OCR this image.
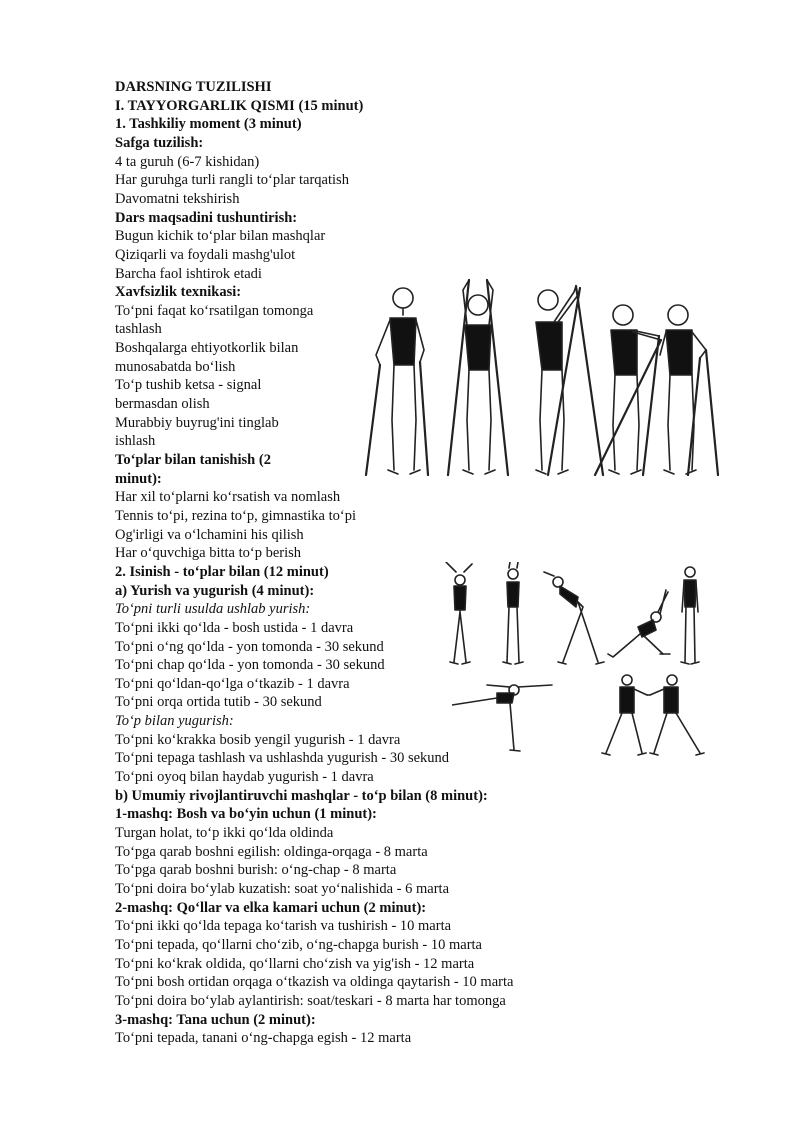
DARSNING TUZILISHI
I. TAYYORGARLIK QISMI (15 minut)
1. Tashkiliy moment (3 minut)
Safga tuzilish:
4 ta guruh (6-7 kishidan)
Har guruhga turli rangli to‘plar tarqatish
Davomatni tekshirish
Dars maqsadini tushuntirish:
Bugun kichik to‘plar bilan mashqlar
Qiziqarli va foydali mashg'ulot
Barcha faol ishtirok etadi
Xavfsizlik texnikasi:
To‘pni faqat ko‘rsatilgan tomonga
tashlash
Boshqalarga ehtiyotkorlik bilan
munosabatda bo‘lish
To‘p tushib ketsa - signal
bermasdan olish
Murabbiy buyrug'ini tinglab
ishlash
To‘plar bilan tanishish (2
minut):
Har xil to‘plarni ko‘rsatish va nomlash
Tennis to‘pi, rezina to‘p, gimnastika to‘pi
Og'irligi va o‘lchamini his qilish
Har o‘quvchiga bitta to‘p berish
2. Isinish - to‘plar bilan (12 minut)
a) Yurish va yugurish (4 minut):
To‘pni turli usulda ushlab yurish:
To‘pni ikki qo‘lda - bosh ustida - 1 davra
To‘pni o‘ng qo‘lda - yon tomonda - 30 sekund
To‘pni chap qo‘lda - yon tomonda - 30 sekund
To‘pni qo‘ldan-qo‘lga o‘tkazib - 1 davra
To‘pni orqa ortida tutib - 30 sekund
To‘p bilan yugurish:
To‘pni ko‘krakka bosib yengil yugurish - 1 davra
To‘pni tepaga tashlash va ushlashda yugurish - 30 sekund
To‘pni oyoq bilan haydab yugurish - 1 davra
b) Umumiy rivojlantiruvchi mashqlar - to‘p bilan (8 minut):
1-mashq: Bosh va bo‘yin uchun (1 minut):
Turgan holat, to‘p ikki qo‘lda oldinda
To‘pga qarab boshni egilish: oldinga-orqaga - 8 marta
To‘pga qarab boshni burish: o‘ng-chap - 8 marta
To‘pni doira bo‘ylab kuzatish: soat yo‘nalishida - 6 marta
2-mashq: Qo‘llar va elka kamari uchun (2 minut):
To‘pni ikki qo‘lda tepaga ko‘tarish va tushirish - 10 marta
To‘pni tepada, qo‘llarni cho‘zib, o‘ng-chapga burish - 10 marta
To‘pni ko‘krak oldida, qo‘llarni cho‘zish va yig'ish - 12 marta
To‘pni bosh ortidan orqaga o‘tkazish va oldinga qaytarish - 10 marta
To‘pni doira bo‘ylab aylantirish: soat/teskari - 8 marta har tomonga
3-mashq: Tana uchun (2 minut):
To‘pni tepada, tanani o‘ng-chapga egish - 12 marta
